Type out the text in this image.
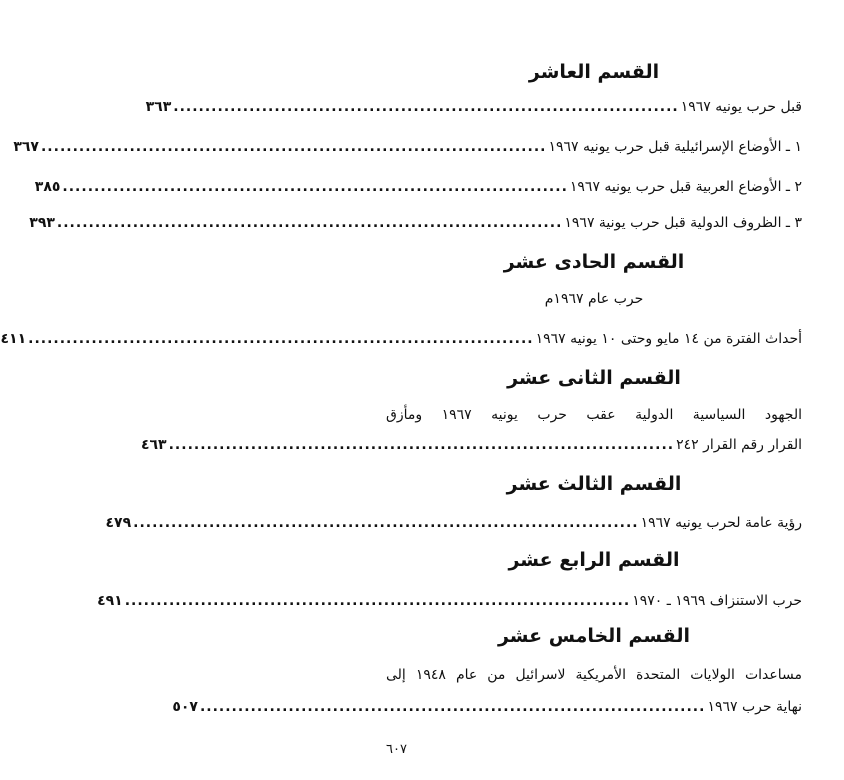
القسم العاشر
قبل حرب يونيه ١٩٦٧
................................................................................
٣٦٣
١ ـ الأوضاع الإسرائيلية قبل حرب يونيه ١٩٦٧
................................................................................
٣٦٧
٢ ـ الأوضاع العربية قبل حرب يونيه ١٩٦٧
................................................................................
٣٨٥
٣ ـ الظروف الدولية قبل حرب يونية ١٩٦٧
................................................................................
٣٩٣
القسم الحادى عشر
حرب عام ١٩٦٧م
أحداث الفترة من ١٤ مايو وحتى ١٠ يونيه ١٩٦٧
................................................................................
٤١١
القسم الثانى عشر
الجهود السياسية الدولية عقب حرب يونيه ١٩٦٧ ومأزق
القرار رقم القرار ٢٤٢
................................................................................
٤٦٣
القسم الثالث عشر
رؤية عامة لحرب يونيه ١٩٦٧
................................................................................
٤٧٩
القسم الرابع عشر
حرب الاستنزاف ١٩٦٩ ـ ١٩٧٠
................................................................................
٤٩١
القسم الخامس عشر
مساعدات الولايات المتحدة الأمريكية لاسرائيل من عام ١٩٤٨ إلى
نهاية حرب ١٩٦٧
................................................................................
٥٠٧
٦٠٧
